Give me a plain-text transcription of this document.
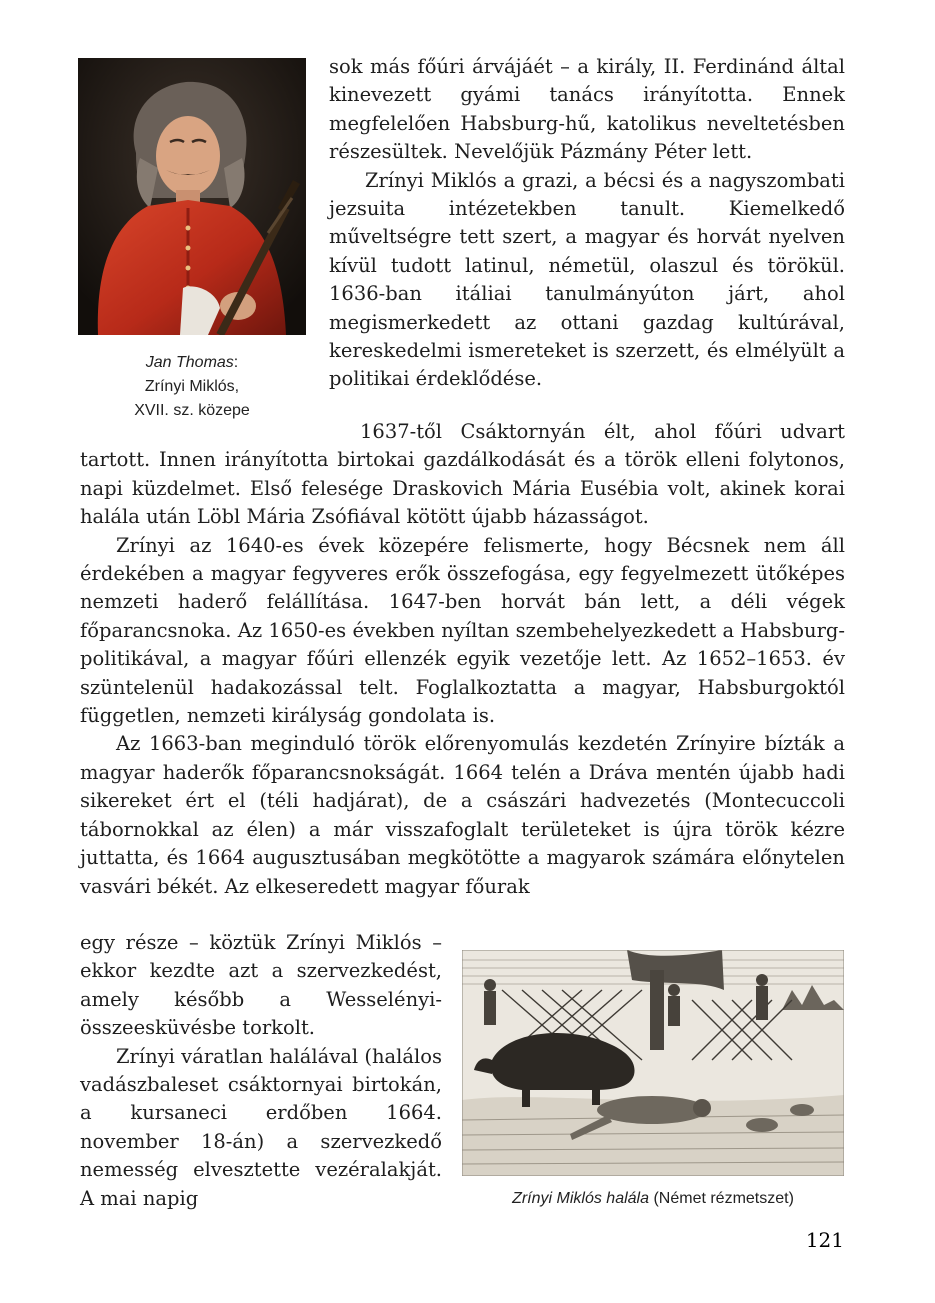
Jan Thomas:
Zrínyi Miklós,
XVII. sz. közepe

sok más főúri árvájáét – a király, II. Ferdinánd által kinevezett gyámi tanács irányította. Ennek megfelelően Habsburg-hű, katolikus neveltetésben részesültek. Nevelőjük Pázmány Péter lett.

Zrínyi Miklós a grazi, a bécsi és a nagyszombati jezsuita intézetekben tanult. Kiemelkedő műveltségre tett szert, a magyar és horvát nyelven kívül tudott latinul, németül, olaszul és törökül. 1636-ban itáliai tanulmányúton járt, ahol megismerkedett az ottani gazdag kultúrával, kereskedelmi ismereteket is szerzett, és elmélyült a politikai érdeklődése.

1637-től Csáktornyán élt, ahol főúri udvart tartott. Innen irányította birtokai gazdálkodását és a török elleni folytonos, napi küzdelmet. Első felesége Draskovich Mária Eusébia volt, akinek korai halála után Löbl Mária Zsófiával kötött újabb házasságot.

Zrínyi az 1640-es évek közepére felismerte, hogy Bécsnek nem áll érdekében a magyar fegyveres erők összefogása, egy fegyelmezett ütőképes nemzeti haderő felállítása. 1647-ben horvát bán lett, a déli végek főparancsnoka. Az 1650-es években nyíltan szembehelyezkedett a Habsburg-politikával, a magyar főúri ellenzék egyik vezetője lett. Az 1652–1653. év szüntelenül hadakozással telt. Foglalkoztatta a magyar, Habsburgoktól független, nemzeti királyság gondolata is.

Az 1663-ban meginduló török előrenyomulás kezdetén Zrínyire bízták a magyar haderők főparancsnokságát. 1664 telén a Dráva mentén újabb hadi sikereket ért el (téli hadjárat), de a császári hadvezetés (Montecuccoli tábornokkal az élen) a már visszafoglalt területeket is újra török kézre juttatta, és 1664 augusztusában megkötötte a magyarok számára előnytelen vasvári békét. Az elkeseredett magyar főurak

egy része – köztük Zrínyi Miklós – ekkor kezdte azt a szervezkedést, amely később a Wesselényi-összeesküvésbe torkolt.

Zrínyi váratlan halálával (halálos vadászbaleset csáktornyai birtokán, a kursaneci erdőben 1664. november 18-án) a szervezkedő nemesség elvesztette vezéralakját. A mai napig	Zrínyi Miklós halála (Német rézmetszet)
121
